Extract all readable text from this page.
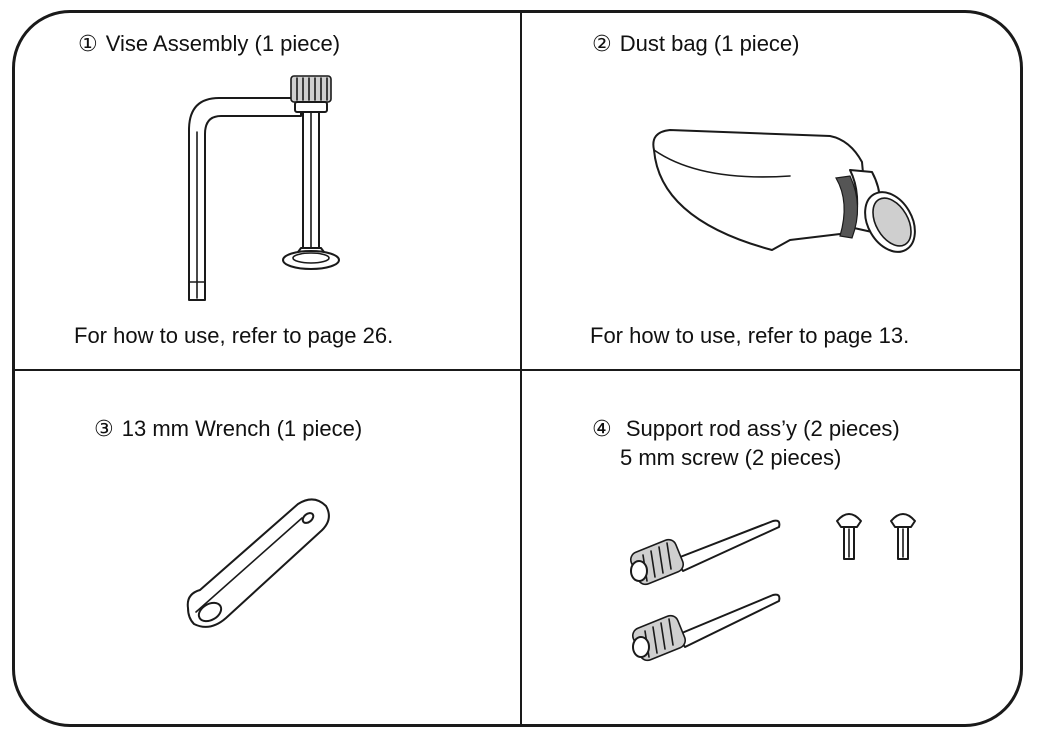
① Vise Assembly (1 piece)
For how to use, refer to page 26.
② Dust bag (1 piece)
For how to use, refer to page 13.
③ 13 mm Wrench (1 piece)	④ Support rod ass’y (2 pieces)
5 mm screw (2 pieces)
